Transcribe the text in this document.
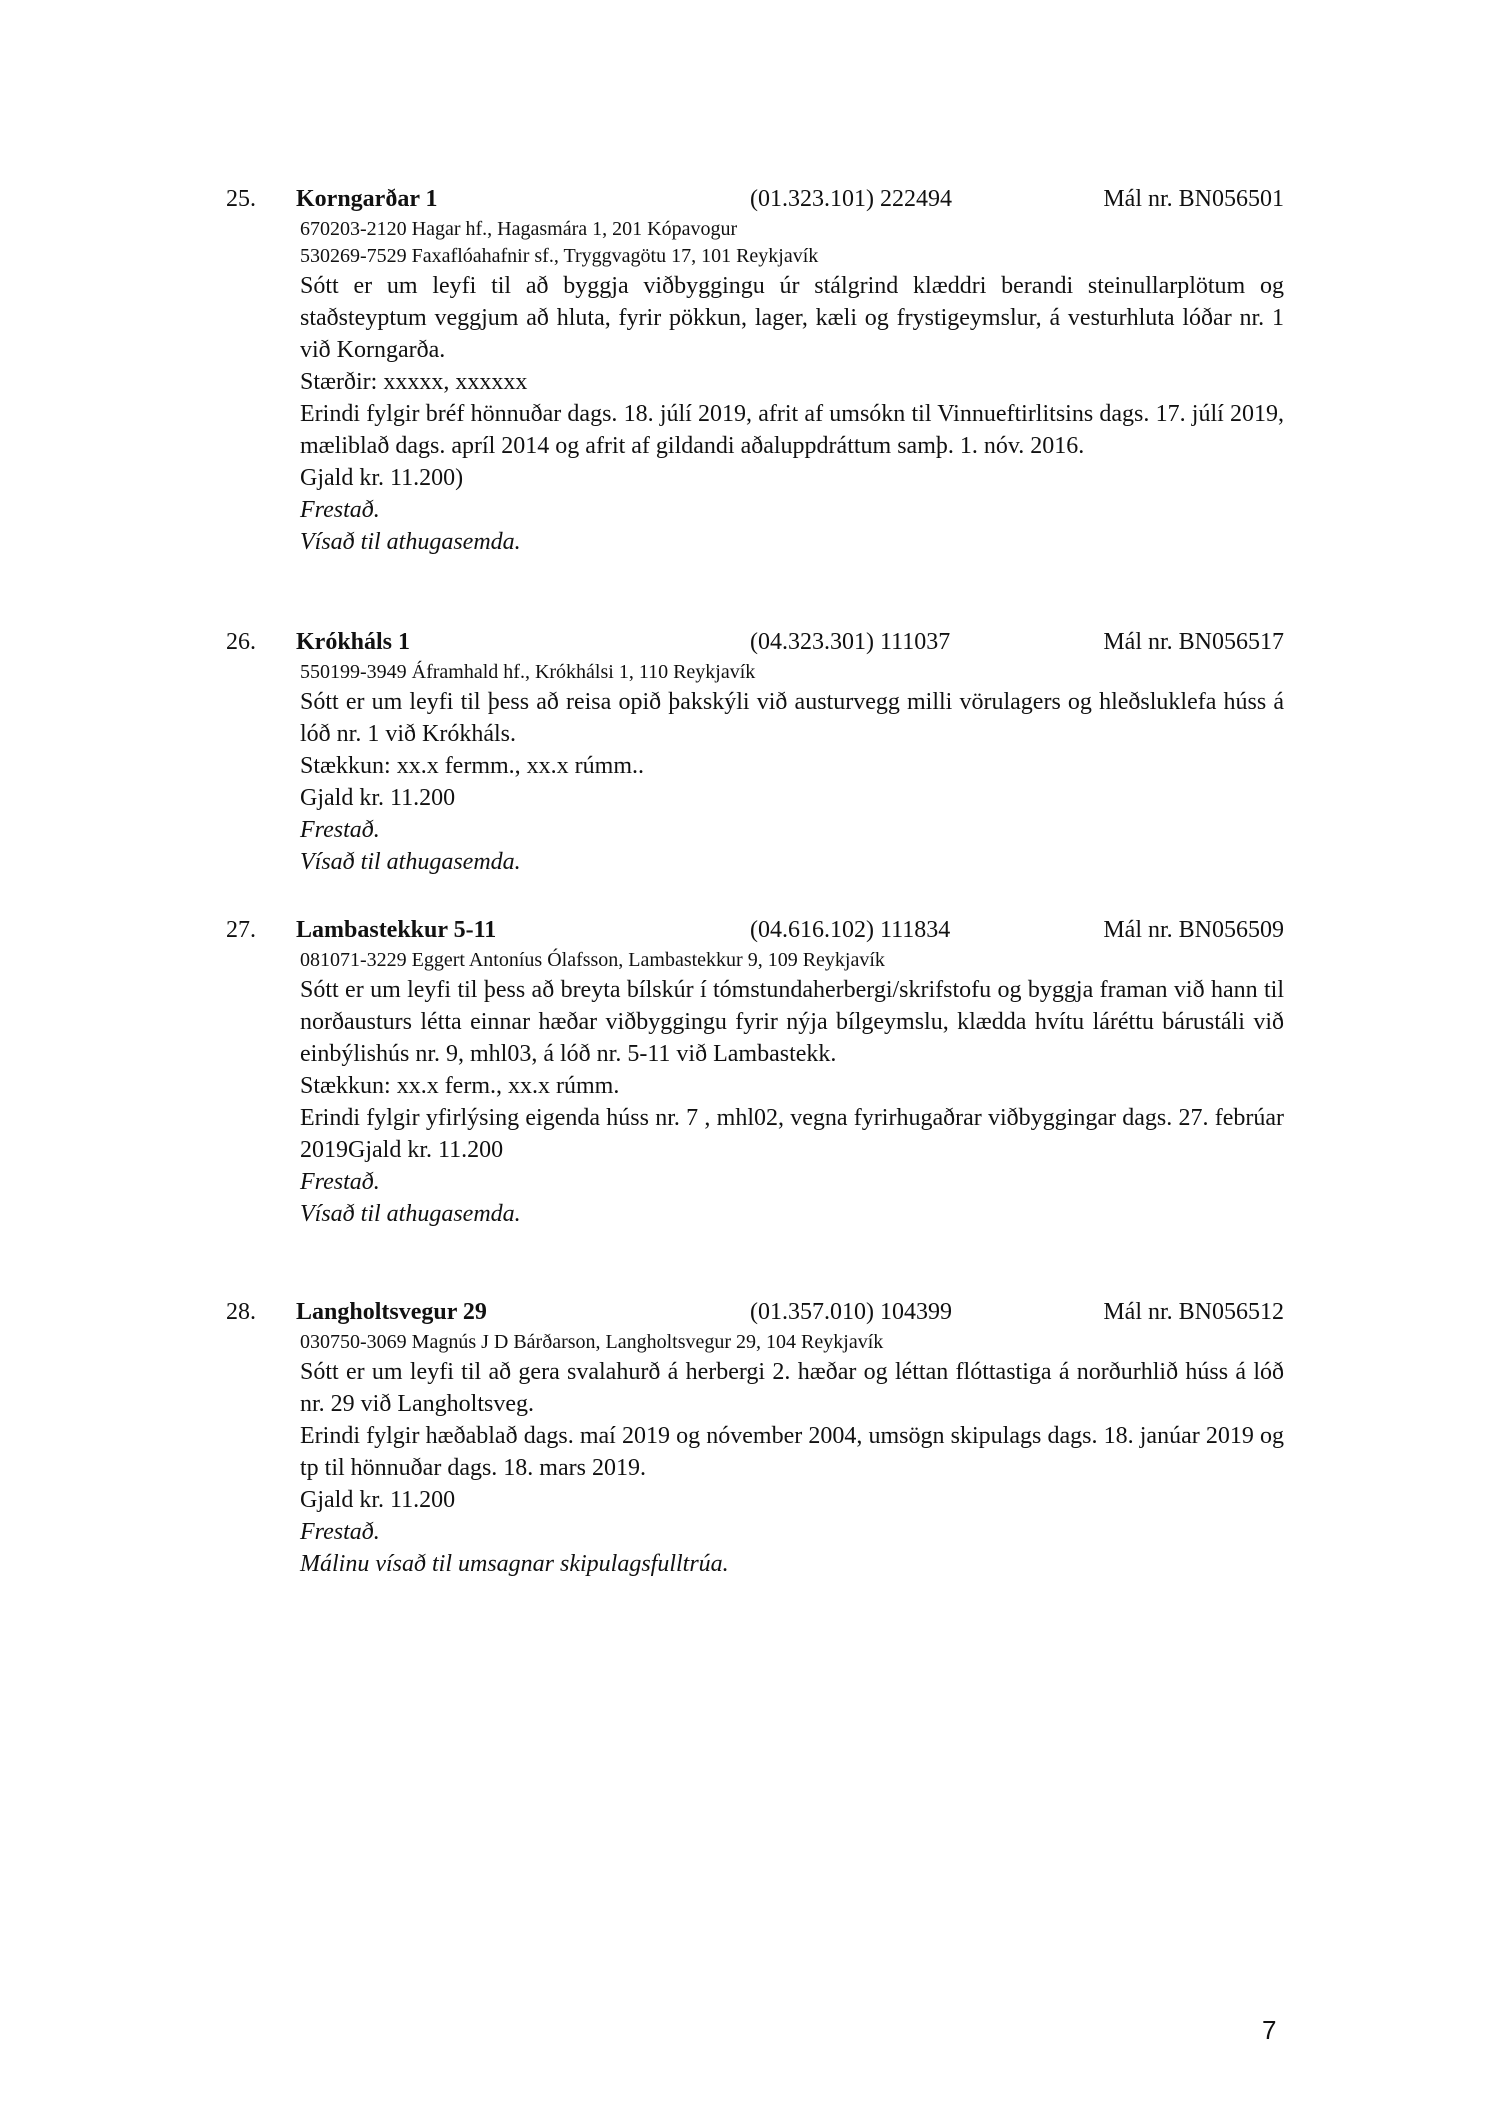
25. Korngarðar 1	(01.323.101) 222494	Mál nr. BN056501
670203-2120 Hagar hf., Hagasmára 1, 201 Kópavogur
530269-7529 Faxaflóahafnir sf., Tryggvagötu 17, 101 Reykjavík
Sótt er um leyfi til að byggja viðbyggingu úr stálgrind klæddri berandi steinullarplötum og staðsteyptum veggjum að hluta, fyrir pökkun, lager, kæli og frystigeymslur, á vesturhluta lóðar nr. 1 við Korngarða.
Stærðir: xxxxx, xxxxxx
Erindi fylgir bréf hönnuðar dags. 18. júlí 2019, afrit af umsókn til Vinnueftirlitsins dags. 17. júlí 2019, mæliblað dags. apríl 2014 og afrit af gildandi aðaluppdráttum samþ. 1. nóv. 2016.
Gjald kr. 11.200)
Frestað.
Vísað til athugasemda.
26. Krókháls 1	(04.323.301) 111037	Mál nr. BN056517
550199-3949 Áframhald hf., Krókhálsi 1, 110 Reykjavík
Sótt er um leyfi til þess að reisa opið þakskýli við austurvegg milli vörulagers og hleðsluklefa húss á lóð nr. 1 við Krókháls.
Stækkun: xx.x fermm., xx.x rúmm..
Gjald kr. 11.200
Frestað.
Vísað til athugasemda.
27. Lambastekkur 5-11	(04.616.102) 111834	Mál nr. BN056509
081071-3229 Eggert Antoníus Ólafsson, Lambastekkur 9, 109 Reykjavík
Sótt er um leyfi til þess að breyta bílskúr í tómstundaherbergi/skrifstofu og byggja framan við hann til norðausturs létta einnar hæðar viðbyggingu fyrir nýja bílgeymslu, klædda hvítu láréttu bárustáli við einbýlishús nr. 9, mhl03, á lóð nr. 5-11 við Lambastekk.
Stækkun: xx.x ferm., xx.x rúmm.
Erindi fylgir yfirlýsing eigenda húss nr. 7 , mhl02, vegna fyrirhugaðrar viðbyggingar dags. 27. febrúar 2019Gjald kr. 11.200
Frestað.
Vísað til athugasemda.
28. Langholtsvegur 29	(01.357.010) 104399	Mál nr. BN056512
030750-3069 Magnús J D Bárðarson, Langholtsvegur 29, 104 Reykjavík
Sótt er um leyfi til að gera svalahurð á herbergi 2. hæðar og léttan flóttastiga á norðurhlið húss á lóð nr. 29 við Langholtsveg.
Erindi fylgir hæðablað dags. maí 2019 og nóvember 2004, umsögn skipulags dags. 18. janúar 2019 og tp til hönnuðar dags. 18. mars 2019.
Gjald kr. 11.200
Frestað.
Málinu vísað til umsagnar skipulagsfulltrúa.
7
